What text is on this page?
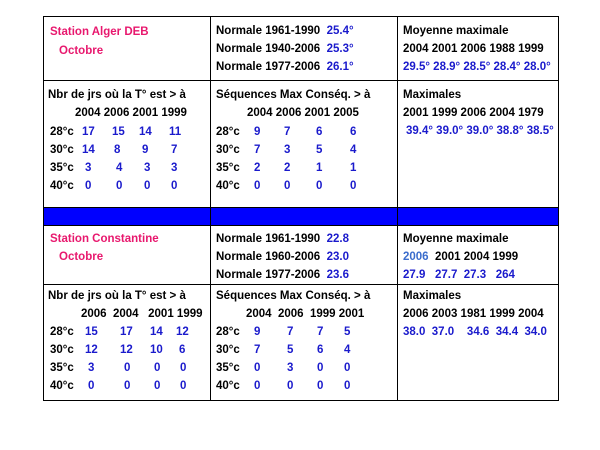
Station Alger DEB
Octobre
Normale 1961-1990 25.4°
Normale 1940-2006 25.3°
Normale 1977-2006 26.1°
Moyenne maximale
2004 2001 2006 1988 1999
29.5° 28.9° 28.5° 28.4° 28.0°
Nbr de jrs où la T° est > à
2004 2006 2001 1999
28°c 17 15 14 11
30°c 14 8 9 7
35°c 3 4 3 3
40°c 0 0 0 0
Séquences Max Conséq. > à
2004 2006 2001 2005
28°c 9 7 6 6
30°c 7 3 5 4
35°c 2 2 1 1
40°c 0 0 0 0
Maximales
2001 1999 2006 2004 1979
39.4° 39.0° 39.0° 38.8° 38.5°
Station Constantine
Octobre
Normale 1961-1990 22.8
Normale 1960-2006 23.0
Normale 1977-2006 23.6
Moyenne maximale
2006 2001 2004 1999
27.9   27.7  27.3   264
Nbr de jrs où la T° est > à
2006  2004   2001 1999
28°c 15 17 14 12
30°c 12 12 10 6
35°c 3	0 0 0
40°c 0	0 0 0
Séquences Max Conséq. > à
2004  2006  1999 2001
28°c 9 7 7 5
30°c 7 5 6 4
35°c 0 3 0 0
40°c 0 0 0 0
Maximales
2006 2003 1981 1999 2004
38.0  37.0    34.6  34.4  34.0
